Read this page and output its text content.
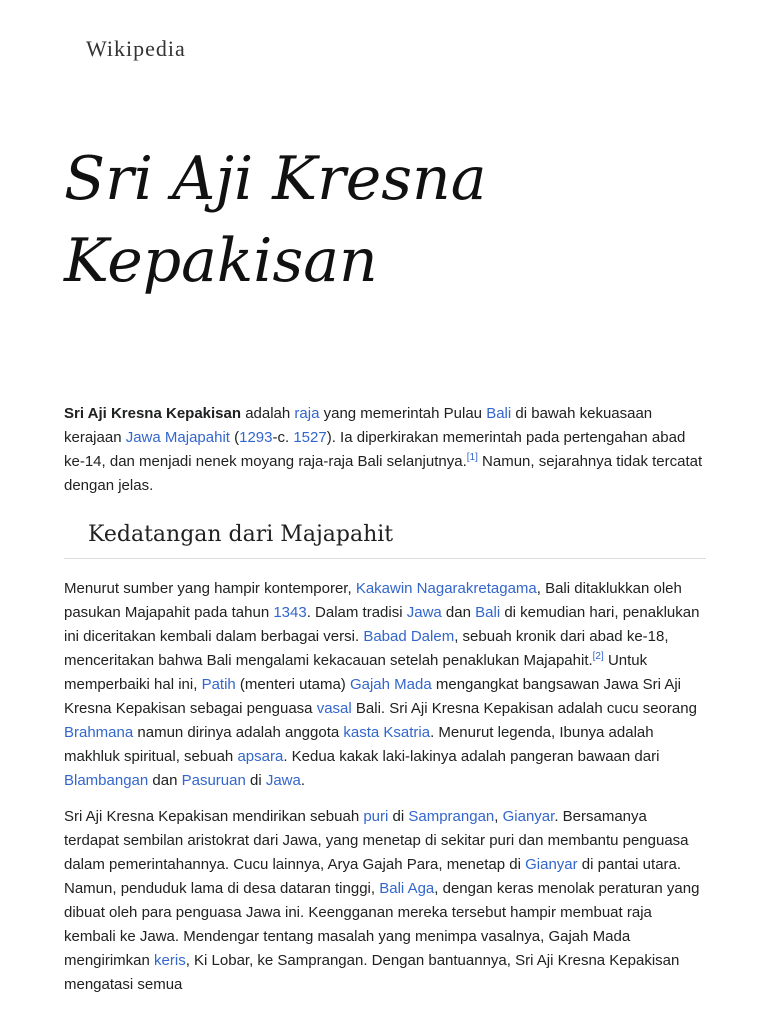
Wikipedia
Sri Aji Kresna
Kepakisan

Sri Aji Kresna Kepakisan adalah raja yang memerintah Pulau Bali di bawah kekuasaan kerajaan Jawa Majapahit (1293-c. 1527). Ia diperkirakan memerintah pada pertengahan abad ke-14, dan menjadi nenek moyang raja-raja Bali selanjutnya.[1] Namun, sejarahnya tidak tercatat dengan jelas.

Kedatangan dari Majapahit

Menurut sumber yang hampir kontemporer, Kakawin Nagarakretagama, Bali ditaklukkan oleh pasukan Majapahit pada tahun 1343. Dalam tradisi Jawa dan Bali di kemudian hari, penaklukan ini diceritakan kembali dalam berbagai versi. Babad Dalem, sebuah kronik dari abad ke-18, menceritakan bahwa Bali mengalami kekacauan setelah penaklukan Majapahit.[2] Untuk memperbaiki hal ini, Patih (menteri utama) Gajah Mada mengangkat bangsawan Jawa Sri Aji Kresna Kepakisan sebagai penguasa vasal Bali. Sri Aji Kresna Kepakisan adalah cucu seorang Brahmana namun dirinya adalah anggota kasta Ksatria. Menurut legenda, Ibunya adalah makhluk spiritual, sebuah apsara. Kedua kakak laki-lakinya adalah pangeran bawaan dari Blambangan dan Pasuruan di Jawa.

Sri Aji Kresna Kepakisan mendirikan sebuah puri di Samprangan, Gianyar. Bersamanya terdapat sembilan aristokrat dari Jawa, yang menetap di sekitar puri dan membantu penguasa dalam pemerintahannya. Cucu lainnya, Arya Gajah Para, menetap di Gianyar di pantai utara. Namun, penduduk lama di desa dataran tinggi, Bali Aga, dengan keras menolak peraturan yang dibuat oleh para penguasa Jawa ini. Keengganan mereka tersebut hampir membuat raja kembali ke Jawa. Mendengar tentang masalah yang menimpa vasalnya, Gajah Mada mengirimkan keris, Ki Lobar, ke Samprangan. Dengan bantuannya, Sri Aji Kresna Kepakisan mengatasi semua
